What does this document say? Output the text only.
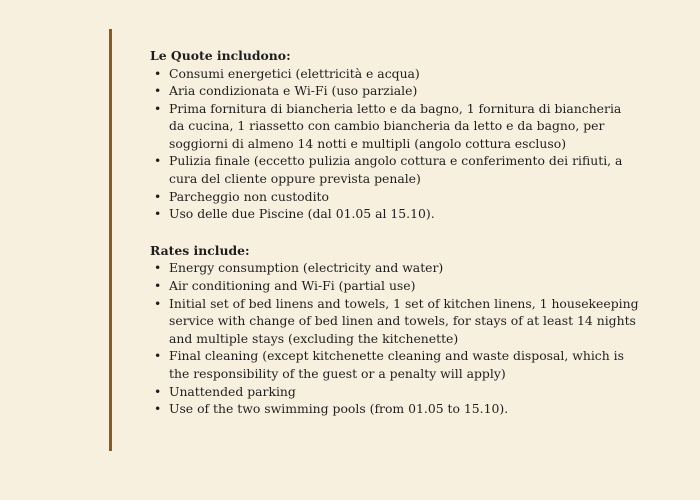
Le Quote includono:

• Consumi energetici (elettricità e acqua)
• Aria condizionata e Wi-Fi (uso parziale)
• Prima fornitura di biancheria letto e da bagno, 1 fornitura di biancheria da cucina, 1 riassetto con cambio biancheria da letto e da bagno, per soggiorni di almeno 14 notti e multipli (angolo cottura escluso)
• Pulizia finale (eccetto pulizia angolo cottura e conferimento dei rifiuti, a cura del cliente oppure prevista penale)
• Parcheggio non custodito
• Uso delle due Piscine (dal 01.05 al 15.10).

Rates include:

• Energy consumption (electricity and water)
• Air conditioning and Wi-Fi (partial use)
• Initial set of bed linens and towels, 1 set of kitchen linens, 1 housekeeping service with change of bed linen and towels, for stays of at least 14 nights and multiple stays (excluding the kitchenette)
• Final cleaning (except kitchenette cleaning and waste disposal, which is the responsibility of the guest or a penalty will apply)
• Unattended parking
• Use of the two swimming pools (from 01.05 to 15.10).
